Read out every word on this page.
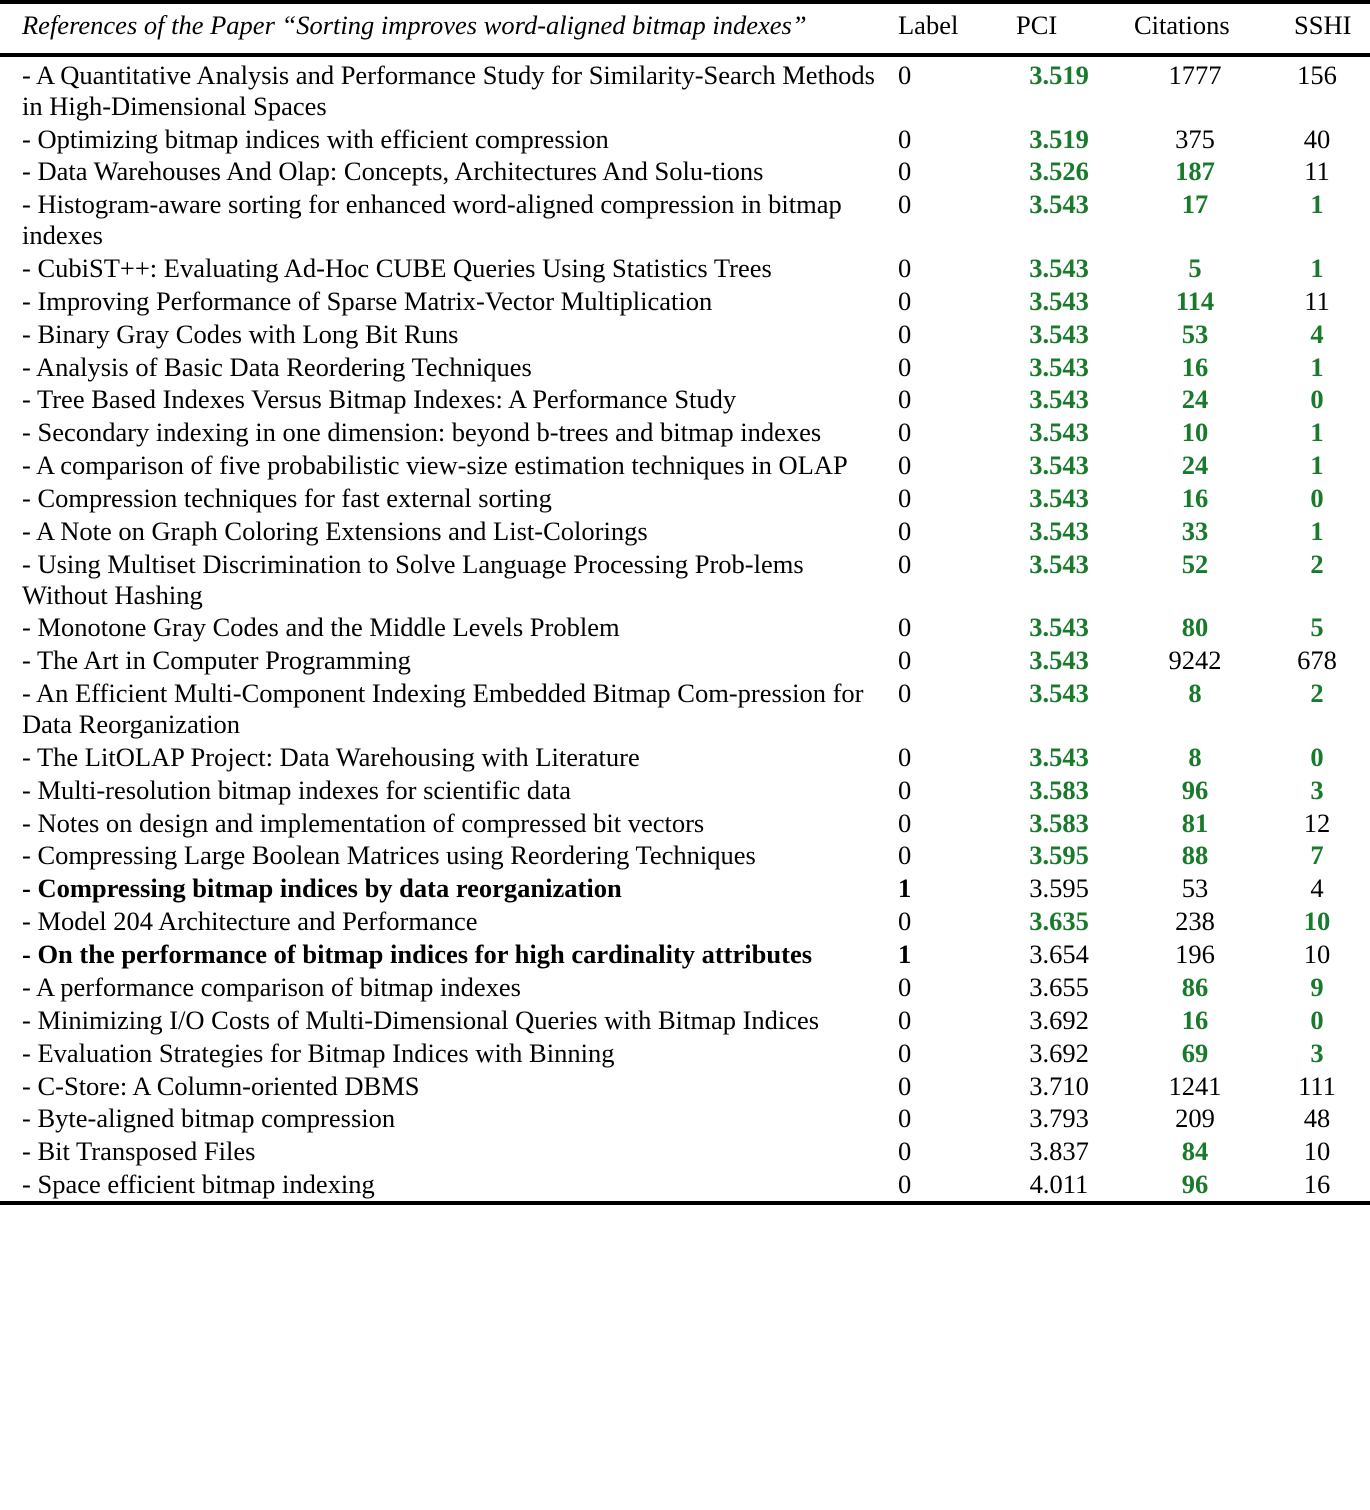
References of the Paper “Sorting improves word-aligned bitmap indexes”	Label	PCI	Citations	SSHI

- A Quantitative Analysis and Performance Study for Similarity-Search Methods in High-Dimensional Spaces	0	3.519	1777	156
- Optimizing bitmap indices with efficient compression	0	3.519	375	40
- Data Warehouses And Olap: Concepts, Architectures And Solu-tions	0	3.526	187	11
- Histogram-aware sorting for enhanced word-aligned compression in bitmap indexes	0	3.543	17	1
- CubiST++: Evaluating Ad-Hoc CUBE Queries Using Statistics Trees	0	3.543	5	1
- Improving Performance of Sparse Matrix-Vector Multiplication	0	3.543	114	11
- Binary Gray Codes with Long Bit Runs	0	3.543	53	4
- Analysis of Basic Data Reordering Techniques	0	3.543	16	1
- Tree Based Indexes Versus Bitmap Indexes: A Performance Study	0	3.543	24	0
- Secondary indexing in one dimension: beyond b-trees and bitmap indexes	0	3.543	10	1
- A comparison of five probabilistic view-size estimation techniques in OLAP	0	3.543	24	1
- Compression techniques for fast external sorting	0	3.543	16	0
- A Note on Graph Coloring Extensions and List-Colorings	0	3.543	33	1
- Using Multiset Discrimination to Solve Language Processing Prob-lems Without Hashing	0	3.543	52	2
- Monotone Gray Codes and the Middle Levels Problem	0	3.543	80	5
- The Art in Computer Programming	0	3.543	9242	678
- An Efficient Multi-Component Indexing Embedded Bitmap Com-pression for Data Reorganization	0	3.543	8	2
- The LitOLAP Project: Data Warehousing with Literature	0	3.543	8	0
- Multi-resolution bitmap indexes for scientific data	0	3.583	96	3
- Notes on design and implementation of compressed bit vectors	0	3.583	81	12
- Compressing Large Boolean Matrices using Reordering Techniques	0	3.595	88	7
- Compressing bitmap indices by data reorganization	1	3.595	53	4
- Model 204 Architecture and Performance	0	3.635	238	10
- On the performance of bitmap indices for high cardinality attributes	1	3.654	196	10
- A performance comparison of bitmap indexes	0	3.655	86	9
- Minimizing I/O Costs of Multi-Dimensional Queries with Bitmap Indices	0	3.692	16	0
- Evaluation Strategies for Bitmap Indices with Binning	0	3.692	69	3
- C-Store: A Column-oriented DBMS	0	3.710	1241	111
- Byte-aligned bitmap compression	0	3.793	209	48
- Bit Transposed Files	0	3.837	84	10
- Space efficient bitmap indexing	0	4.011	96	16
